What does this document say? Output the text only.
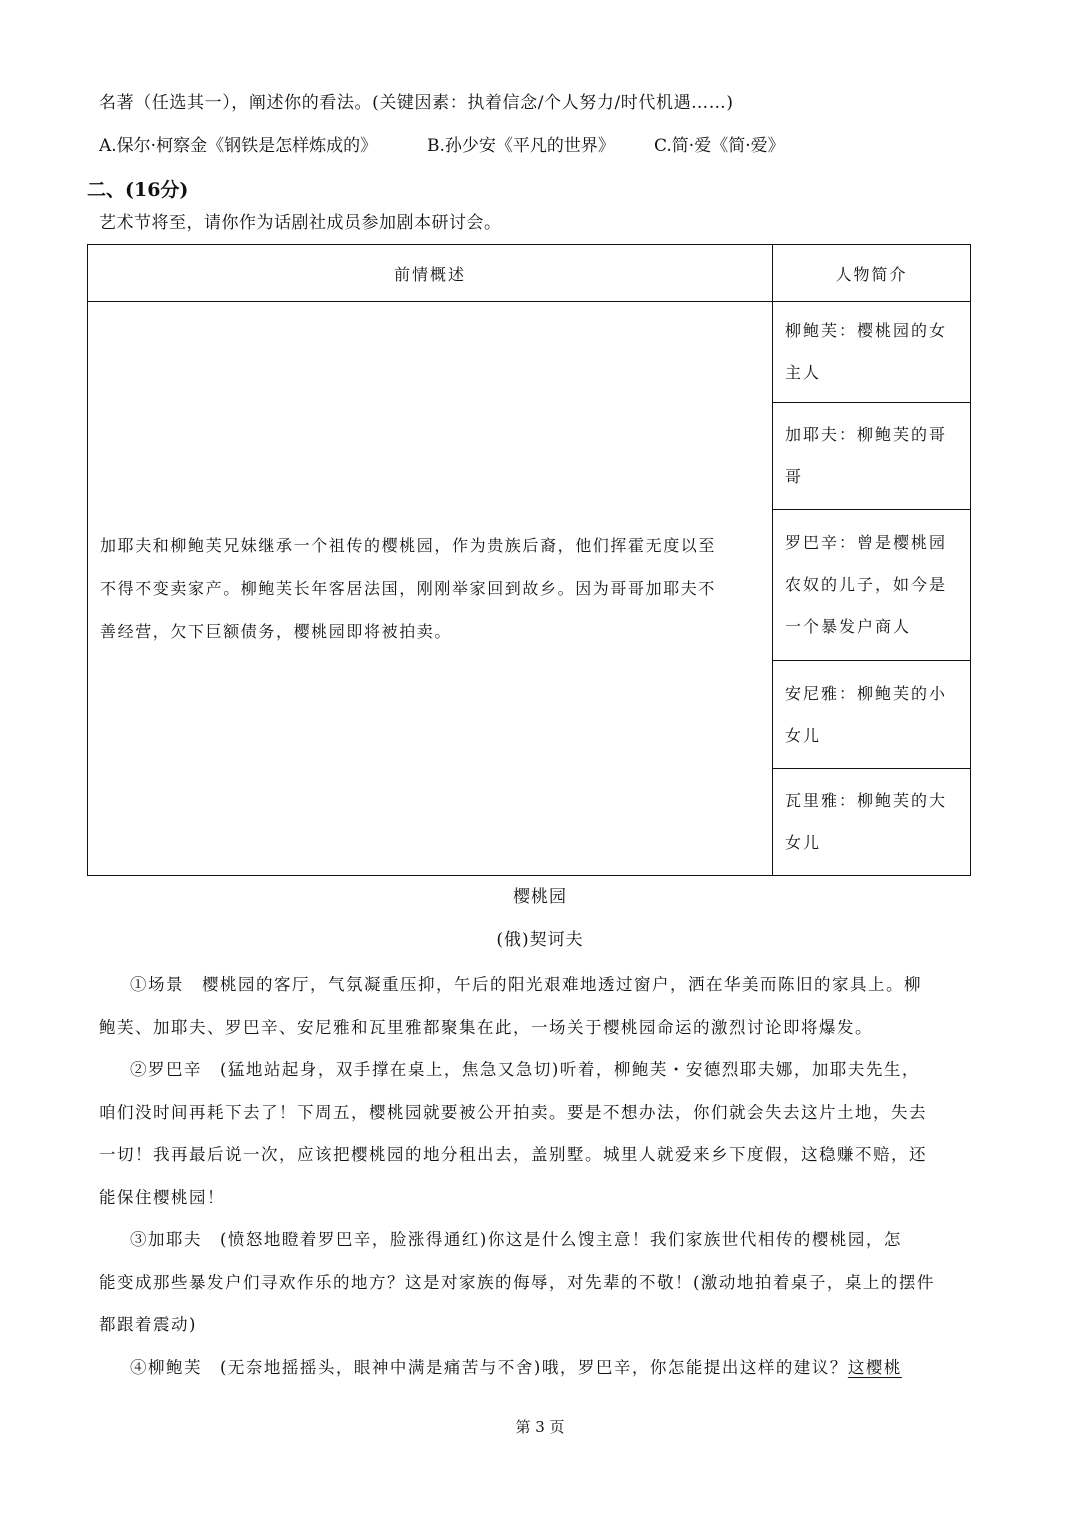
名著（任选其一），阐述你的看法。(关键因素：执着信念/个人努力/时代机遇……)
A.保尔·柯察金《钢铁是怎样炼成的》	B.孙少安《平凡的世界》 C.简·爱《简·爱》
二、(16分)
艺术节将至，请你作为话剧社成员参加剧本研讨会。
前情概述	人物简介

加耶夫和柳鲍芙兄妹继承一个祖传的樱桃园，作为贵族后裔，他们挥霍无度以至
不得不变卖家产。柳鲍芙长年客居法国，刚刚举家回到故乡。因为哥哥加耶夫不
善经营，欠下巨额债务，樱桃园即将被拍卖。	柳鲍芙：樱桃园的女主人
	加耶夫：柳鲍芙的哥哥
	罗巴辛：曾是樱桃园农奴的儿子，如今是一个暴发户商人
	安尼雅：柳鲍芙的小女儿
	瓦里雅：柳鲍芙的大女儿
樱桃园
(俄)契诃夫
①场景　樱桃园的客厅，气氛凝重压抑，午后的阳光艰难地透过窗户，洒在华美而陈旧的家具上。柳
鲍芙、加耶夫、罗巴辛、安尼雅和瓦里雅都聚集在此，一场关于樱桃园命运的激烈讨论即将爆发。
②罗巴辛　(猛地站起身，双手撑在桌上，焦急又急切)听着，柳鲍芙・安德烈耶夫娜，加耶夫先生，
咱们没时间再耗下去了！下周五，樱桃园就要被公开拍卖。要是不想办法，你们就会失去这片土地，失去
一切！我再最后说一次，应该把樱桃园的地分租出去，盖别墅。城里人就爱来乡下度假，这稳赚不赔，还
能保住樱桃园！
③加耶夫　(愤怒地瞪着罗巴辛，脸涨得通红)你这是什么馊主意！我们家族世代相传的樱桃园，怎
能变成那些暴发户们寻欢作乐的地方？这是对家族的侮辱，对先辈的不敬！(激动地拍着桌子，桌上的摆件
都跟着震动)
④柳鲍芙　(无奈地摇摇头，眼神中满是痛苦与不舍)哦，罗巴辛，你怎能提出这样的建议？这樱桃
第 3 页
